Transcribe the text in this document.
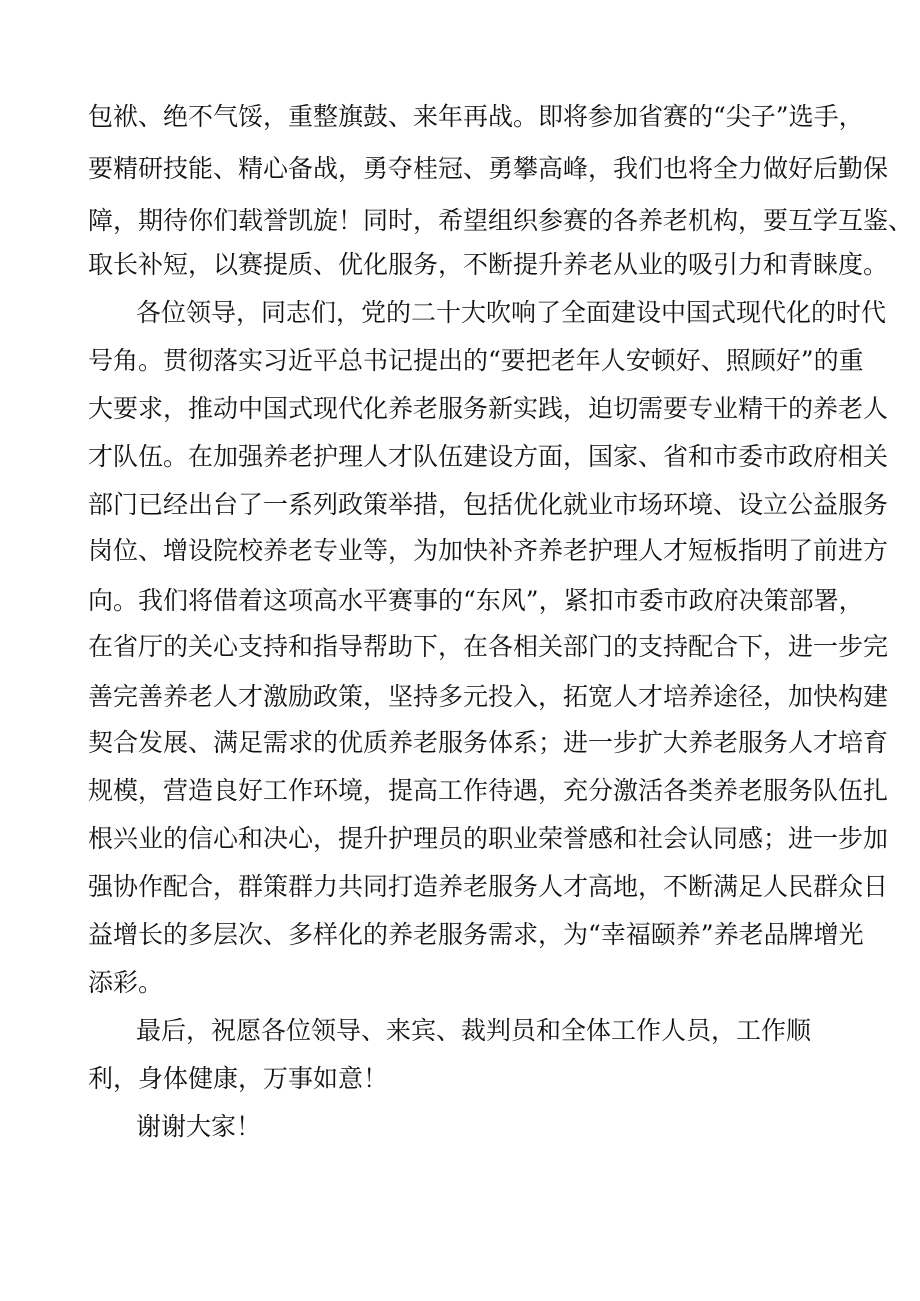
包袱、绝不气馁，重整旗鼓、来年再战。即将参加省赛的“尖子”选手，

要精研技能、精心备战，勇夺桂冠、勇攀高峰，我们也将全力做好后勤保

障，期待你们载誉凯旋！同时，希望组织参赛的各养老机构，要互学互鉴、

取长补短，以赛提质、优化服务，不断提升养老从业的吸引力和青睐度。

各位领导，同志们，党的二十大吹响了全面建设中国式现代化的时代

号角。贯彻落实习近平总书记提出的“要把老年人安顿好、照顾好”的重

大要求，推动中国式现代化养老服务新实践，迫切需要专业精干的养老人

才队伍。在加强养老护理人才队伍建设方面，国家、省和市委市政府相关

部门已经出台了一系列政策举措，包括优化就业市场环境、设立公益服务

岗位、增设院校养老专业等，为加快补齐养老护理人才短板指明了前进方

向。我们将借着这项高水平赛事的“东风”，紧扣市委市政府决策部署，

在省厅的关心支持和指导帮助下，在各相关部门的支持配合下，进一步完

善完善养老人才激励政策，坚持多元投入，拓宽人才培养途径，加快构建

契合发展、满足需求的优质养老服务体系；进一步扩大养老服务人才培育

规模，营造良好工作环境，提高工作待遇，充分激活各类养老服务队伍扎

根兴业的信心和决心，提升护理员的职业荣誉感和社会认同感；进一步加

强协作配合，群策群力共同打造养老服务人才高地，不断满足人民群众日

益增长的多层次、多样化的养老服务需求，为“幸福颐养”养老品牌增光

添彩。

最后，祝愿各位领导、来宾、裁判员和全体工作人员，工作顺

利，身体健康，万事如意！

谢谢大家！
